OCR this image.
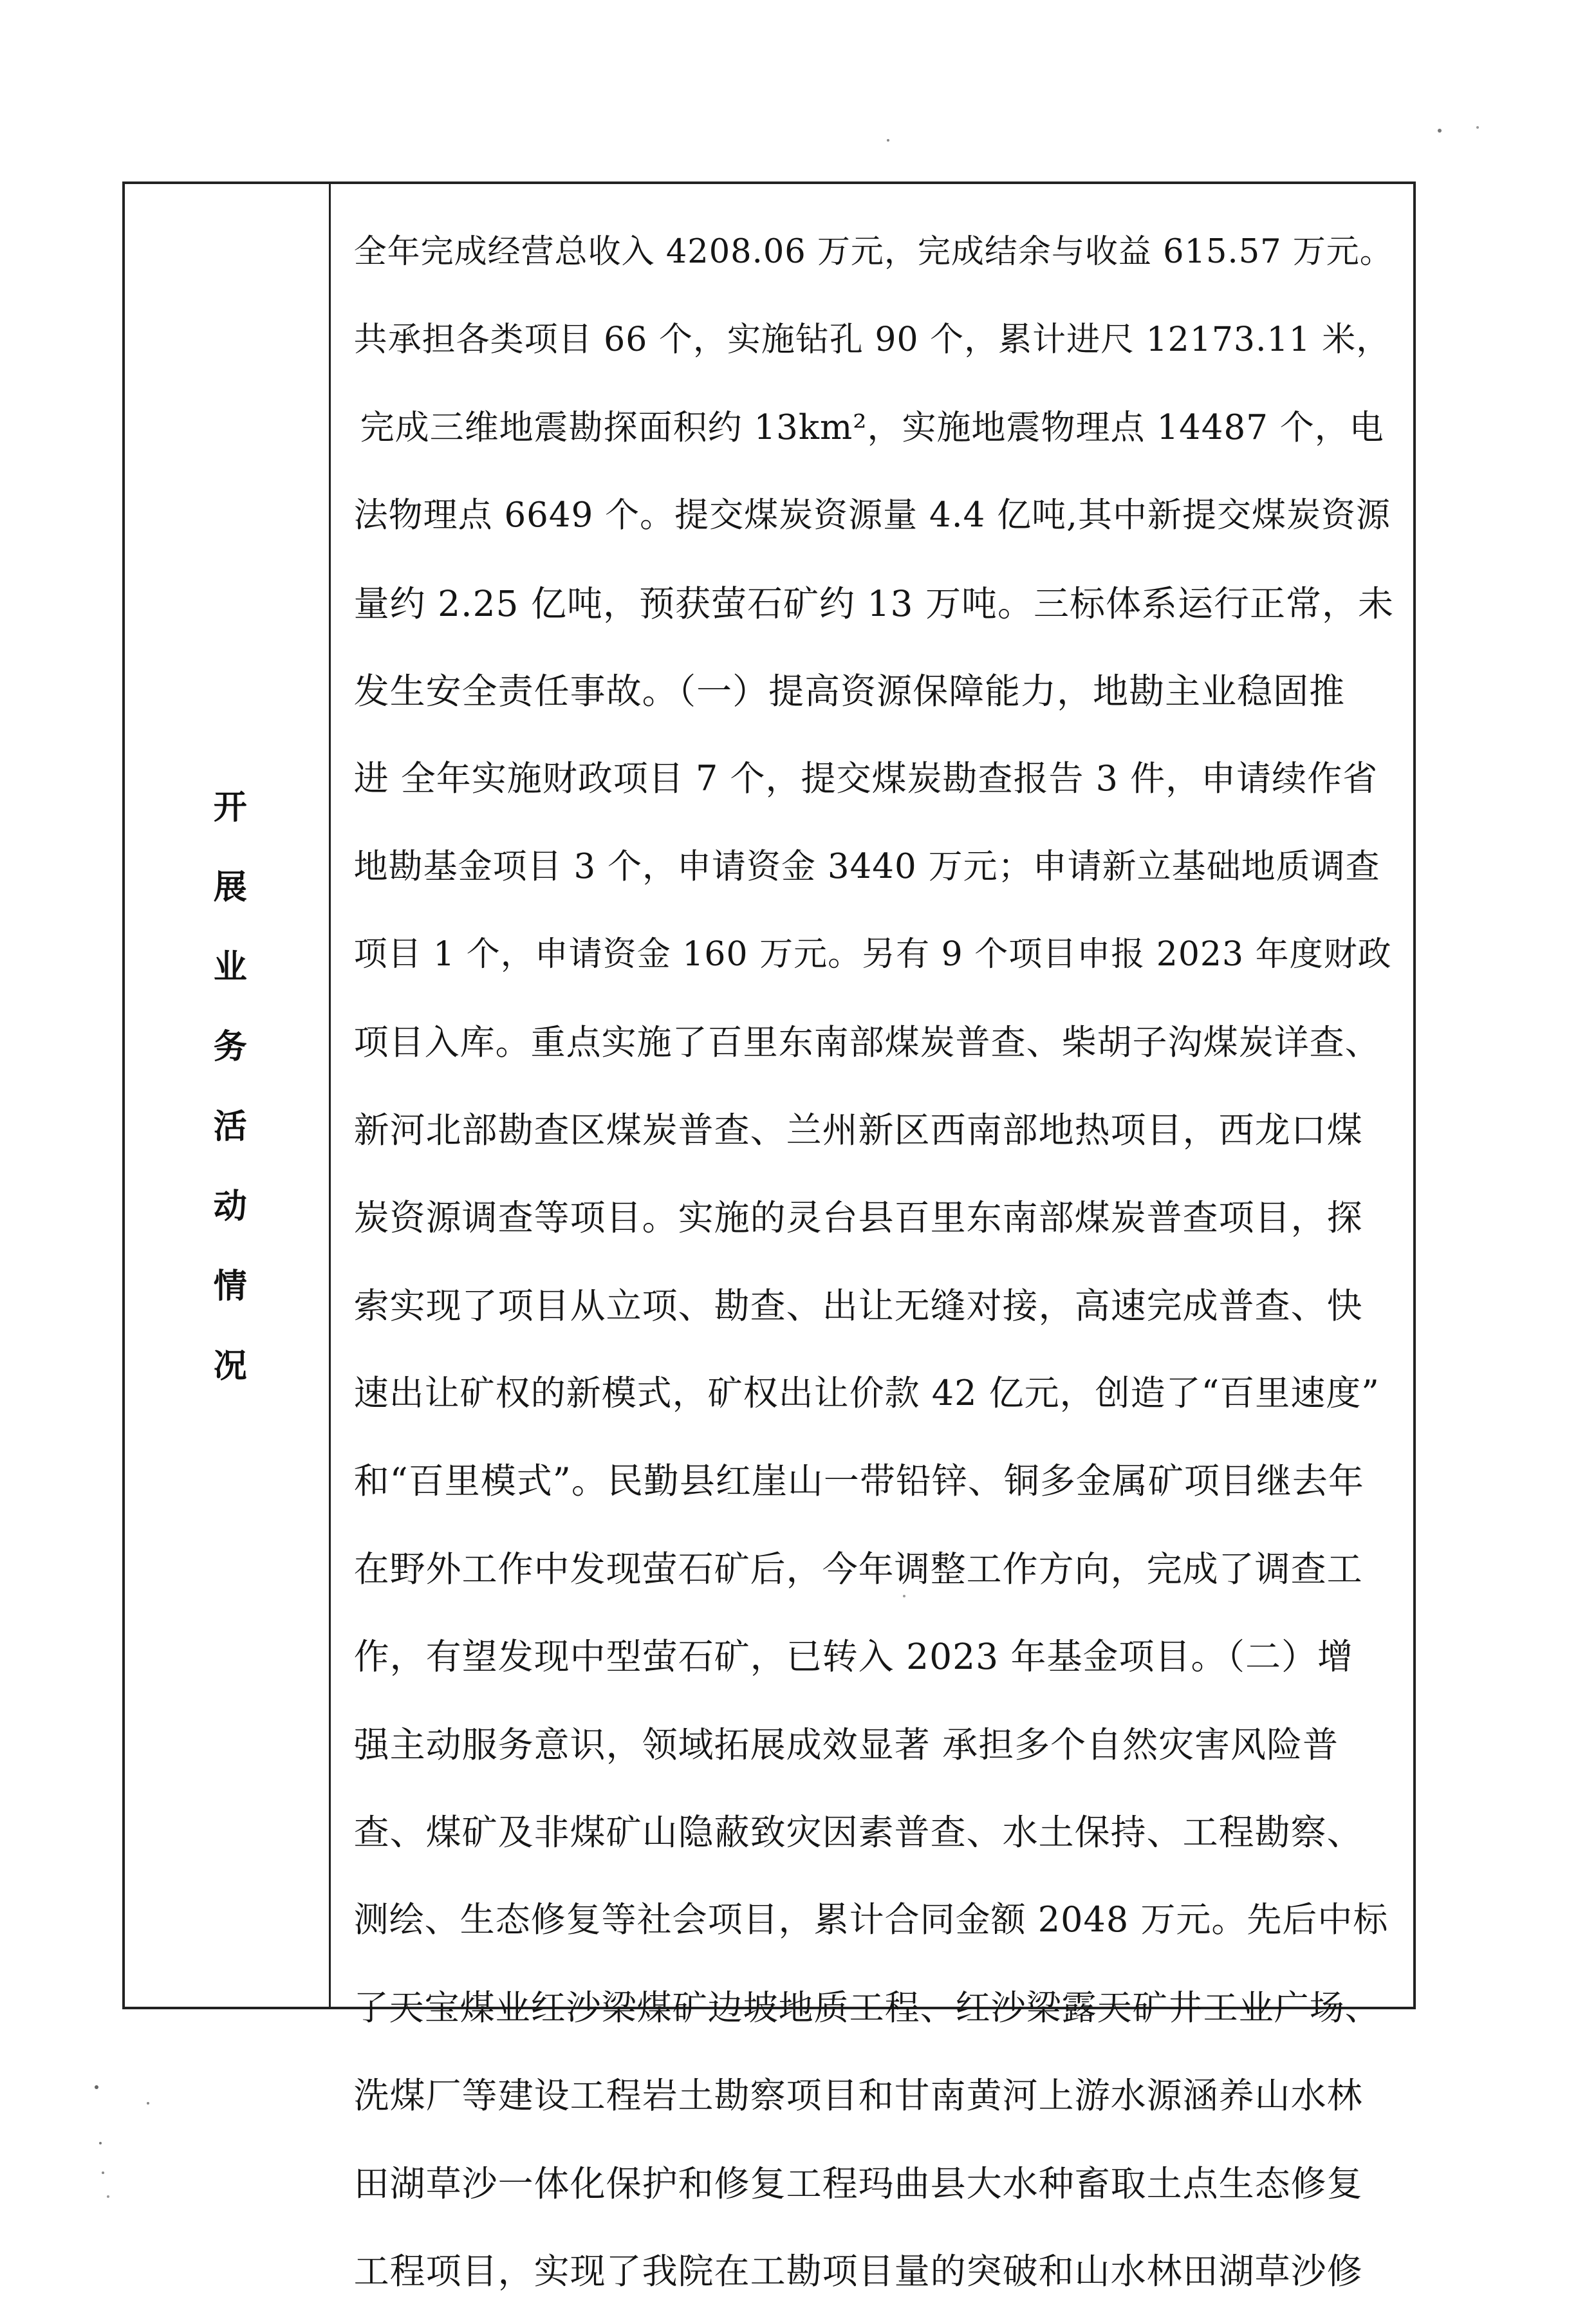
开展业务活动情况
全年完成经营总收入 4208.06 万元，完成结余与收益 615.57 万元。
共承担各类项目 66 个，实施钻孔 90 个，累计进尺 12173.11 米，
完成三维地震勘探面积约 13km²，实施地震物理点 14487 个，电
法物理点 6649 个。提交煤炭资源量 4.4 亿吨,其中新提交煤炭资源
量约 2.25 亿吨，预获萤石矿约 13 万吨。三标体系运行正常，未
发生安全责任事故。（一）提高资源保障能力，地勘主业稳固推
进 全年实施财政项目 7 个，提交煤炭勘查报告 3 件，申请续作省
地勘基金项目 3 个，申请资金 3440 万元；申请新立基础地质调查
项目 1 个，申请资金 160 万元。另有 9 个项目申报 2023 年度财政
项目入库。重点实施了百里东南部煤炭普查、柴胡子沟煤炭详查、
新河北部勘查区煤炭普查、兰州新区西南部地热项目，西龙口煤
炭资源调查等项目。实施的灵台县百里东南部煤炭普查项目，探
索实现了项目从立项、勘查、出让无缝对接，高速完成普查、快
速出让矿权的新模式，矿权出让价款 42 亿元，创造了“百里速度”
和“百里模式”。民勤县红崖山一带铅锌、铜多金属矿项目继去年
在野外工作中发现萤石矿后，今年调整工作方向，完成了调查工
作，有望发现中型萤石矿，已转入 2023 年基金项目。（二）增
强主动服务意识，领域拓展成效显著 承担多个自然灾害风险普
查、煤矿及非煤矿山隐蔽致灾因素普查、水土保持、工程勘察、
测绘、生态修复等社会项目，累计合同金额 2048 万元。先后中标
了天宝煤业红沙梁煤矿边坡地质工程、红沙梁露天矿井工业广场、
洗煤厂等建设工程岩土勘察项目和甘南黄河上游水源涵养山水林
田湖草沙一体化保护和修复工程玛曲县大水种畜取土点生态修复
工程项目，实现了我院在工勘项目量的突破和山水林田湖草沙修
